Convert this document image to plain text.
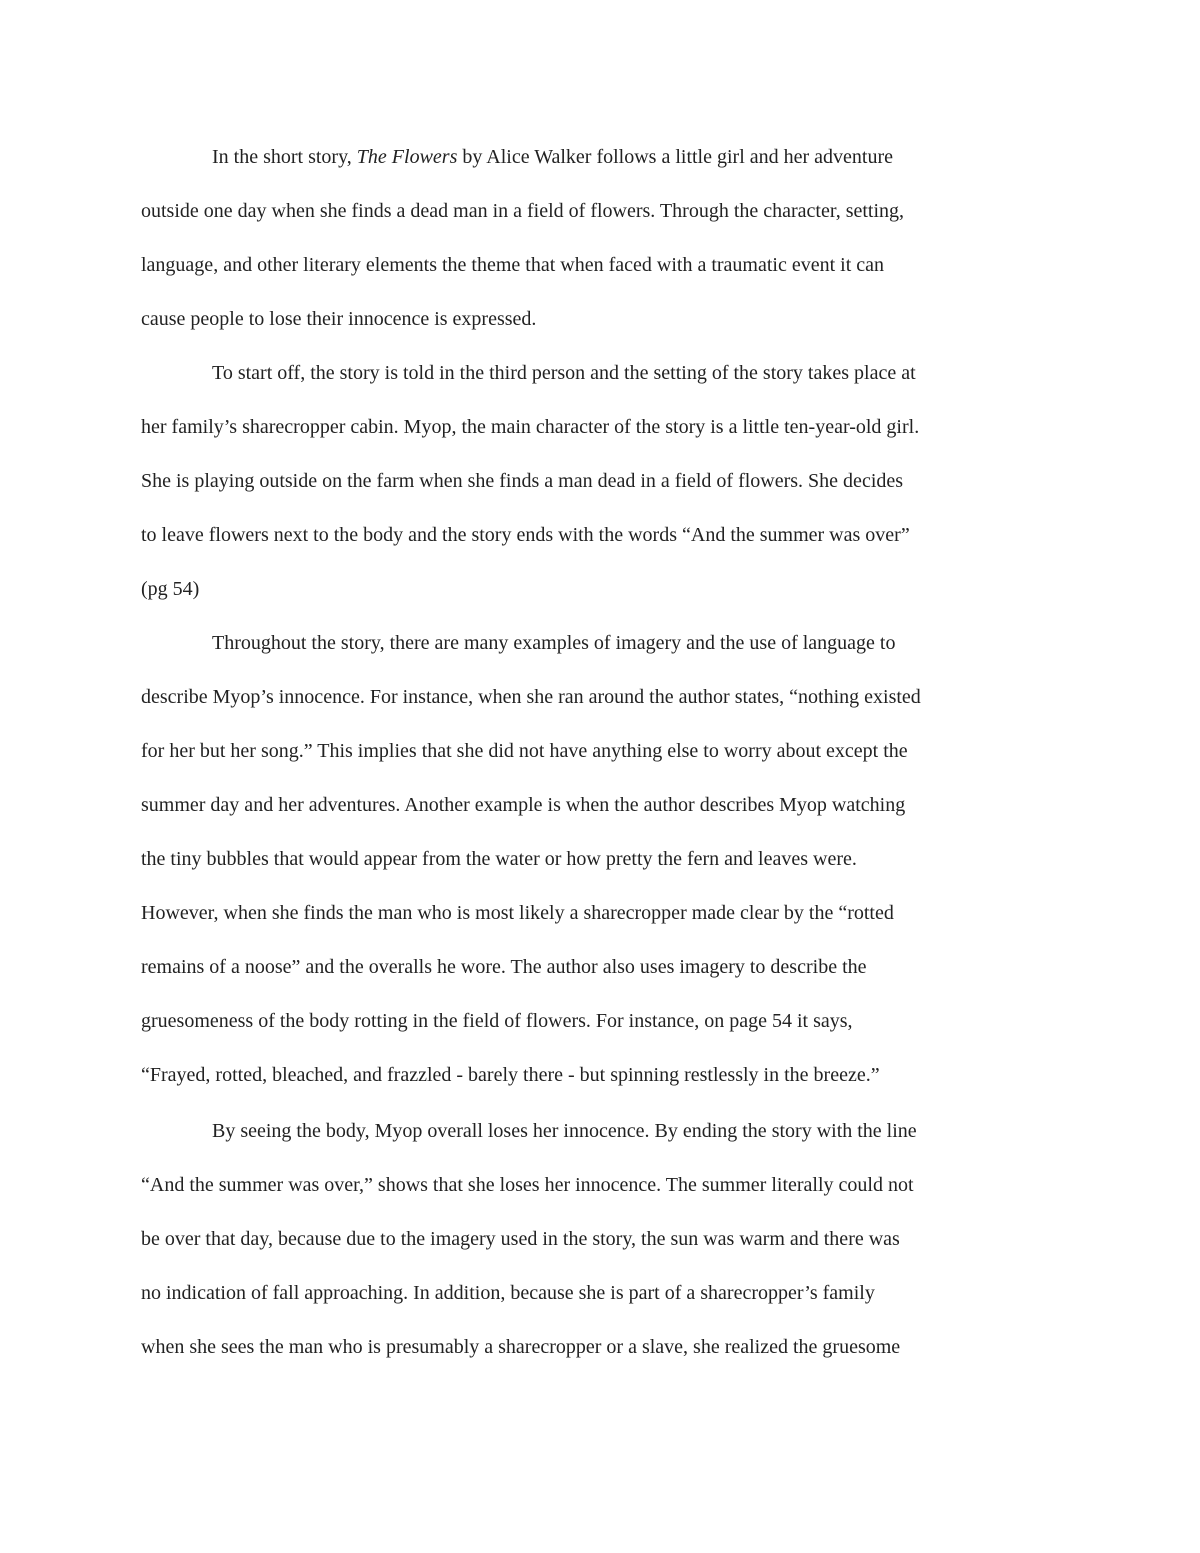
In the short story, The Flowers by Alice Walker follows a little girl and her adventure
outside one day when she finds a dead man in a field of flowers. Through the character, setting,
language, and other literary elements the theme that when faced with a traumatic event it can
cause people to lose their innocence is expressed.
To start off, the story is told in the third person and the setting of the story takes place at
her family’s sharecropper cabin. Myop, the main character of the story is a little ten-year-old girl.
She is playing outside on the farm when she finds a man dead in a field of flowers. She decides
to leave flowers next to the body and the story ends with the words “And the summer was over”
(pg 54)
Throughout the story, there are many examples of imagery and the use of language to
describe Myop’s innocence. For instance, when she ran around the author states, “nothing existed
for her but her song.” This implies that she did not have anything else to worry about except the
summer day and her adventures. Another example is when the author describes Myop watching
the tiny bubbles that would appear from the water or how pretty the fern and leaves were.
However, when she finds the man who is most likely a sharecropper made clear by the “rotted
remains of a noose” and the overalls he wore. The author also uses imagery to describe the
gruesomeness of the body rotting in the field of flowers. For instance, on page 54 it says,
“Frayed, rotted, bleached, and frazzled - barely there - but spinning restlessly in the breeze.”
By seeing the body, Myop overall loses her innocence. By ending the story with the line
“And the summer was over,” shows that she loses her innocence. The summer literally could not
be over that day, because due to the imagery used in the story, the sun was warm and there was
no indication of fall approaching. In addition, because she is part of a sharecropper’s family
when she sees the man who is presumably a sharecropper or a slave, she realized the gruesome
